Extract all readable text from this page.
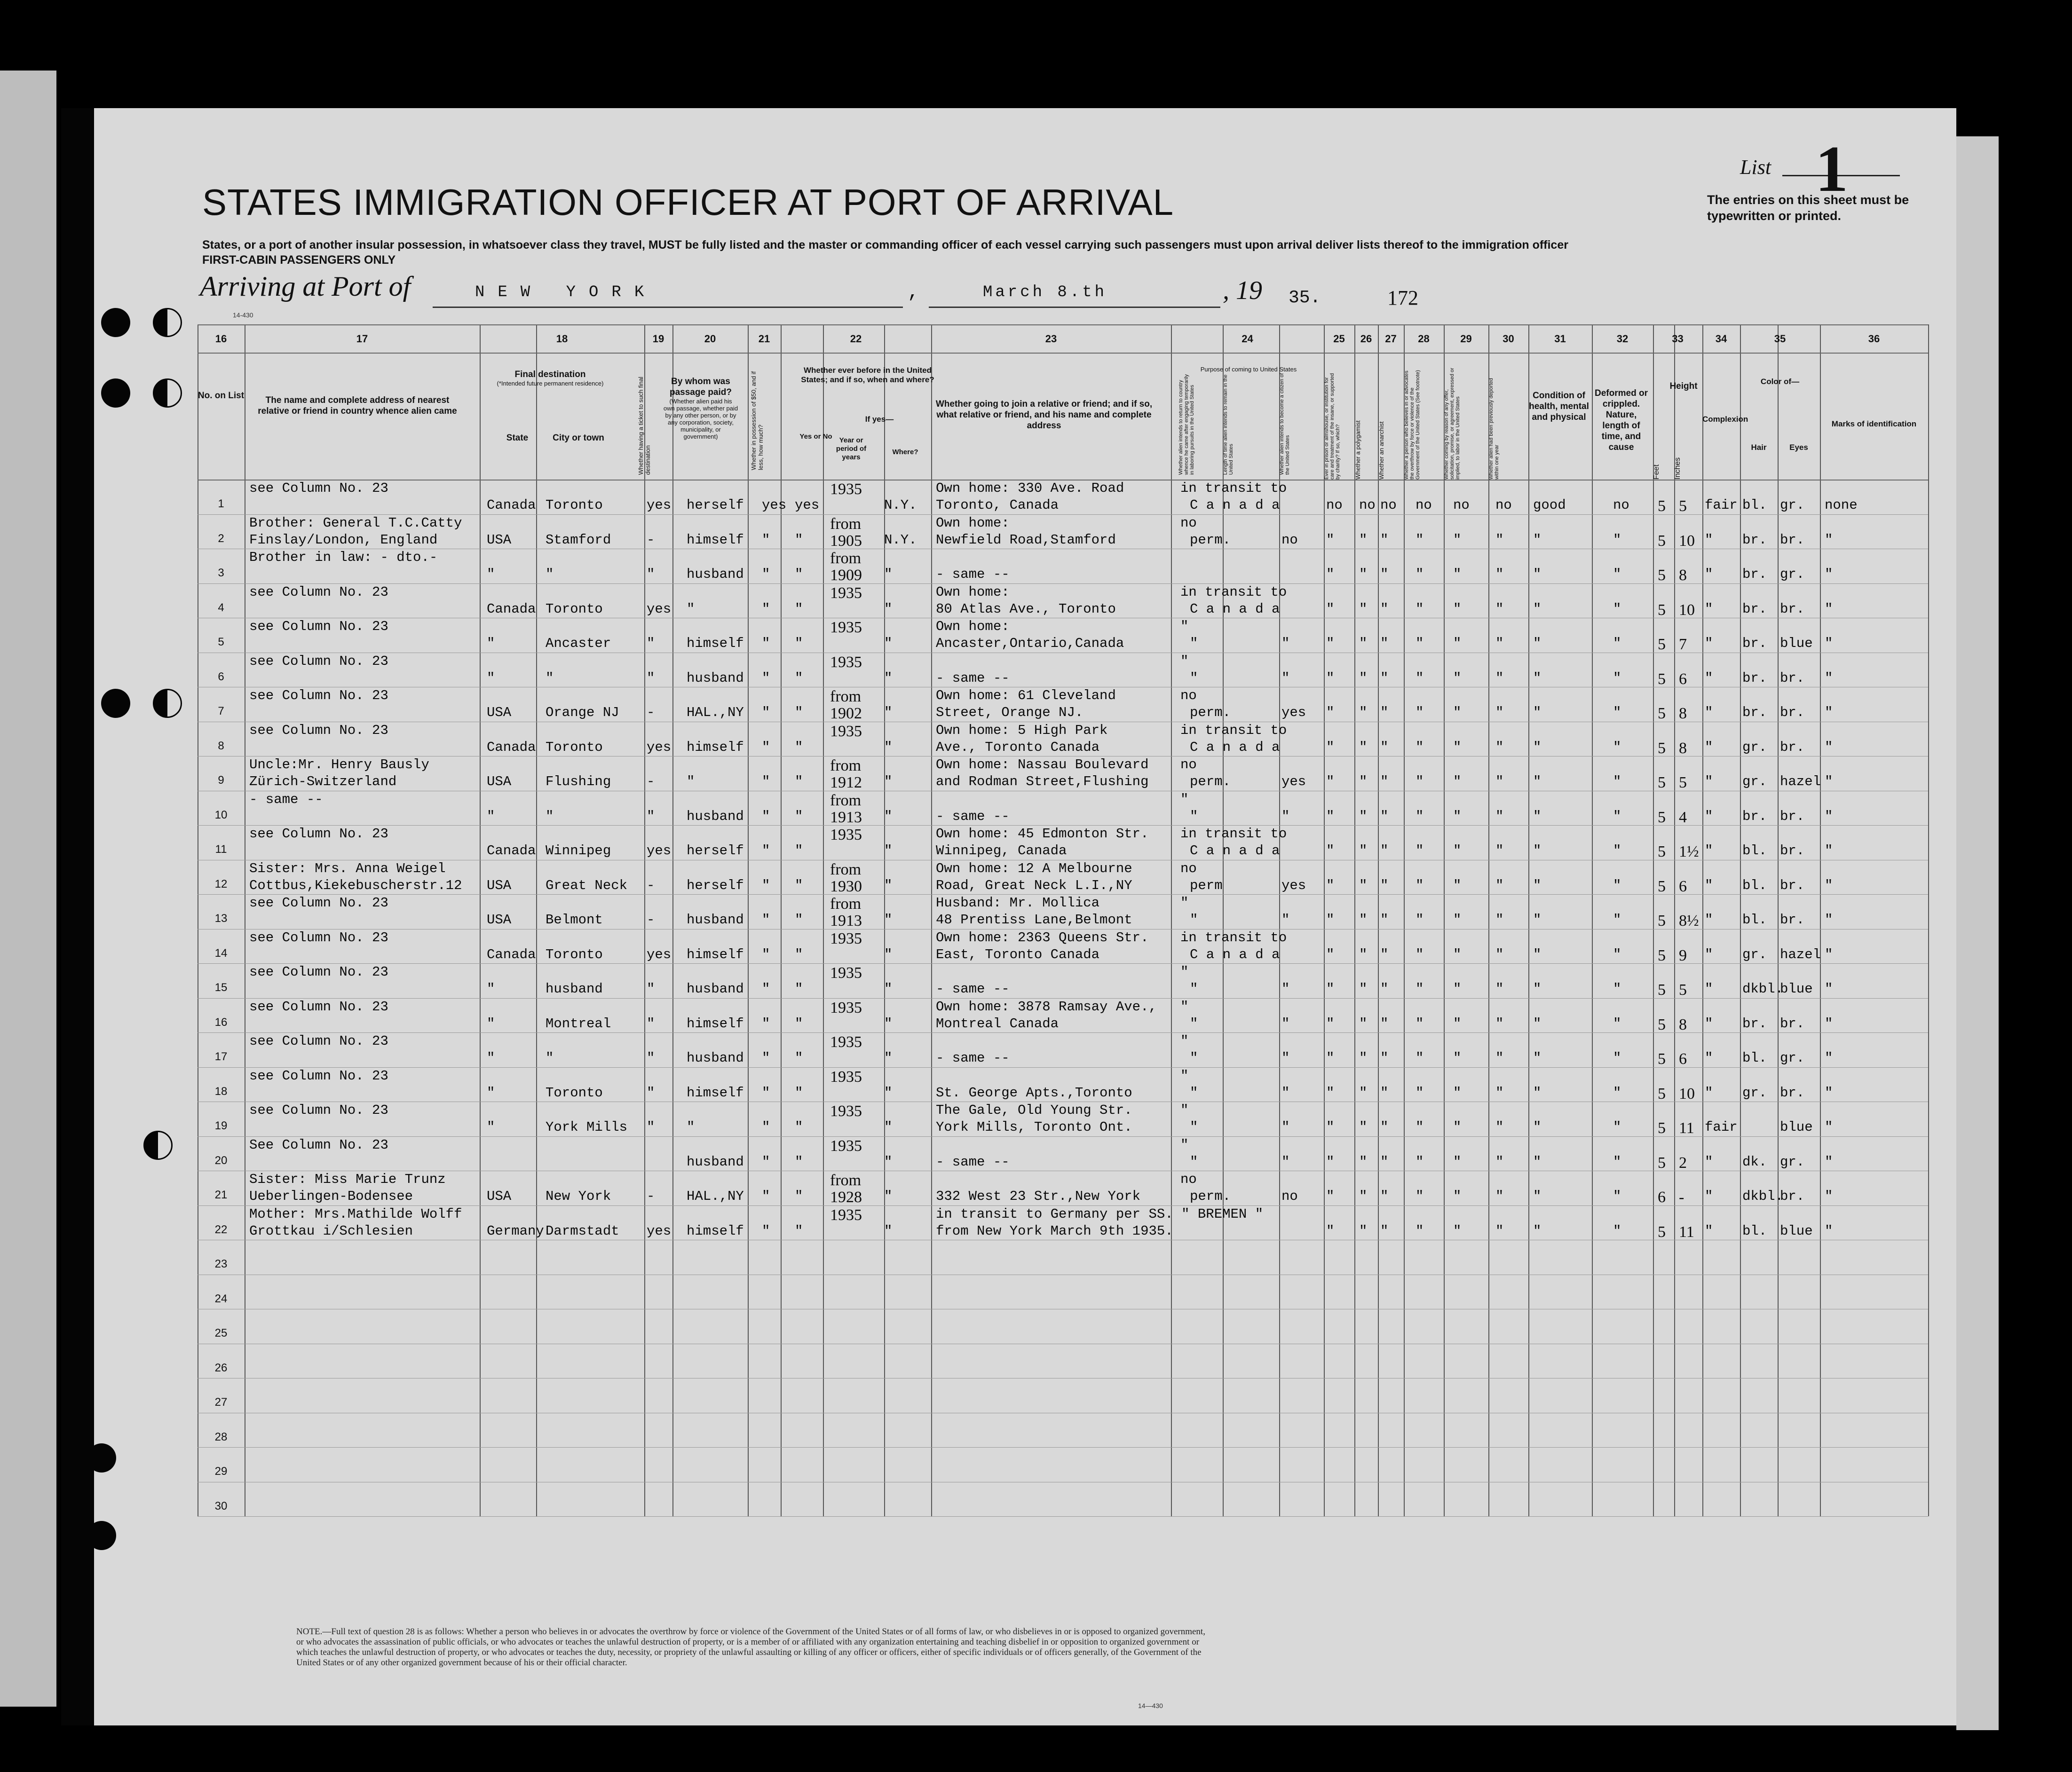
STATES IMMIGRATION OFFICER AT PORT OF ARRIVAL
States, or a port of another insular possession, in whatsoever class they travel, MUST be fully listed and the master or commanding officer of each vessel carrying such passengers must upon arrival deliver lists thereof to the immigration officer
FIRST-CABIN PASSENGERS ONLY
List 1
The entries on this sheet must be typewritten or printed.
Arriving at Port of	NEW YORK	,	March 8.th	, 19 35.	172
14-430
16	17	18	19	20	21	22	23	24	25	26	27	28	29	30	31	32	33	34	35	36
No. on List	The name and complete address of nearest relative or friend in country whence alien came
Final destination
(*Intended future permanent residence)
State	City or town	Whether having a ticket to such final destination
By whom was passage paid?
(Whether alien paid his own passage, whether paid by any other person, or by any corporation, society, municipality, or government)	Whether in possession of $50, and if less, how much?
Whether ever before in the United States; and if so, when and where?
Yes or No
If yes—
Year or period of years
Where?
Whether going to join a relative or friend; and if so, what relative or friend, and his name and complete address
Purpose of coming to United States
Whether alien intends to return to country whence he came after engaging temporarily in laboring pursuits in the United States	Length of time alien intends to remain in the United States	Whether alien intends to become a citizen of the United States	Ever in prison or almshouse, or institution for care and treatment of the insane, or supported by charity? If so, which? Whether a polygamist	Whether an anarchist	Whether a person who believes in or advocates the overthrow by force or violence of the Government of the United States (See footnote)	Whether coming by reason of any offer, solicitation, promise, or agreement, expressed or implied, to labor in the United States	Whether alien had been previously deported within one year
Condition of health, mental and physical
Deformed or crippled. Nature, length of time, and cause
Height
Feet Inches
Complexion
Color of—
Hair	Eyes
Marks of identification
1
see Column No. 23
Canada Toronto	yes herself yes yes
1935
N.Y.
Own home: 330 Ave. Road
Toronto, Canada
in transit to
C a n a d a	no no no no no no good	no 5 5 fair bl. gr. none
2
Brother: General T.C.Catty
Finslay/London, England	USA	Stamford	- himself " "
from
1905 N.Y.
Own home:
Newfield Road,Stamford
no
perm.	no " " " " "	" "	" 5 10 " br. br. "
3
Brother in law: - dto.-
"	"	" husband " "
from
1909 "	- same --	" " " " "	" "	" 5 8 " br. gr. "
4
see Column No. 23
Canada Toronto	yes "	" "
1935
"
Own home:
80 Atlas Ave., Toronto
in transit to
C a n a d a	" " " " "	" "	" 5 10 " br. br. "
5
see Column No. 23
"	Ancaster	" himself " "
1935
"
Own home:
Ancaster,Ontario,Canada
"
"	"	" " " " "	" "	" 5 7 " br. blue "
6
see Column No. 23
"	"	" husband " "
1935
"	- same --
"
"	"	" " " " "	" "	" 5 6 " br. br. "
7
see Column No. 23
USA	Orange NJ - HAL.,NY " "
from
1902 "
Own home: 61 Cleveland
Street, Orange NJ.
no
perm.	yes " " " " "	" "	" 5 8 " br. br. "
8
see Column No. 23
Canada Toronto	yes himself " "
1935
"
Own home: 5 High Park
Ave., Toronto Canada
in transit to
C a n a d a	" " " " "	" "	" 5 8 " gr. br. "
9
Uncle:Mr. Henry Bausly
Zürich-Switzerland	USA	Flushing	- "	" "
from
1912 "
Own home: Nassau Boulevard
and Rodman Street,Flushing
no
perm.	yes " " " " "	" "	" 5 5 " gr. hazel "
10
- same --
"	"	" husband " "
from
1913 "	- same --
"
"	"	" " " " "	" "	" 5 4 " br. br. "
11
see Column No. 23
Canada Winnipeg	yes herself " "
1935
"
Own home: 45 Edmonton Str.
Winnipeg, Canada
in transit to
C a n a d a	" " " " "	" "	" 5 1½ " bl. br. "
12
Sister: Mrs. Anna Weigel
Cottbus,Kiekebuscherstr.12 USA	Great Neck - herself " "
from
1930 "
Own home: 12 A Melbourne
Road, Great Neck L.I.,NY
no
perm	yes " " " " "	" "	" 5 6 " bl. br. "
13
see Column No. 23
USA	Belmont	- husband " "
from
1913 "
Husband: Mr. Mollica
48 Prentiss Lane,Belmont
"
"	"	" " " " "	" "	" 5 8½ " bl. br. "
14
see Column No. 23
Canada Toronto	yes himself " "
1935
"
Own home: 2363 Queens Str.
East, Toronto Canada
in transit to
C a n a d a	" " " " "	" "	" 5 9 " gr. hazel "
15
see Column No. 23
"	husband	" husband " "
1935
"	- same --
"
"	"	" " " " "	" "	" 5 5 " dkbl.
blue "
16
see Column No. 23
"	Montreal	" himself " "
1935
"
Own home: 3878 Ramsay Ave.,
Montreal Canada
"
"	"	" " " " "	" "	" 5 8 " br. br. "
17
see Column No. 23
"	"	" husband " "
1935
"	- same --
"
"	"	" " " " "	" "	" 5 6 " bl. gr. "
18
see Column No. 23
"	Toronto	" himself " "
1935
"	St. George Apts.,Toronto
"
"	"	" " " " "	" "	" 5 10 " gr. br. "
19
see Column No. 23
"	York Mills " "	" "
1935
"
The Gale, Old Young Str.
York Mills, Toronto Ont.
"
"	"	" " " " "	" "	" 5 11 fair	blue "
20
See Column No. 23
husband " "
1935
"	- same --
"
"	"	" " " " "	" "	" 5 2 " dk. gr. "
21
Sister: Miss Marie Trunz
Ueberlingen-Bodensee	USA	New York	- HAL.,NY " "
from
1928 "	332 West 23 Str.,New York
no
perm.	no " " " " "	" "	" 6 - " dkbl.
br. "
22
Mother: Mrs.Mathilde Wolff
Grottkau i/Schlesien	Germany Darmstadt yes himself " "
1935
"
in transit to Germany per SS. " BREMEN "
from New York March 9th 1935.	" " " " "	" "	" 5 11 " bl. blue "
23
24
25
26
27
28
29
30
NOTE.—Full text of question 28 is as follows: Whether a person who believes in or advocates the overthrow by force or violence of the Government of the United States or of all forms of law, or who disbelieves in or is opposed to organized government, or who advocates the assassination of public officials, or who advocates or teaches the unlawful destruction of property, or is a member of or affiliated with any organization entertaining and teaching disbelief in or opposition to organized government or which teaches the unlawful destruction of property, or who advocates or teaches the duty, necessity, or propriety of the unlawful assaulting or killing of any officer or officers, either of specific individuals or of officers generally, of the Government of the United States or of any other organized government because of his or their official character.
14—430
